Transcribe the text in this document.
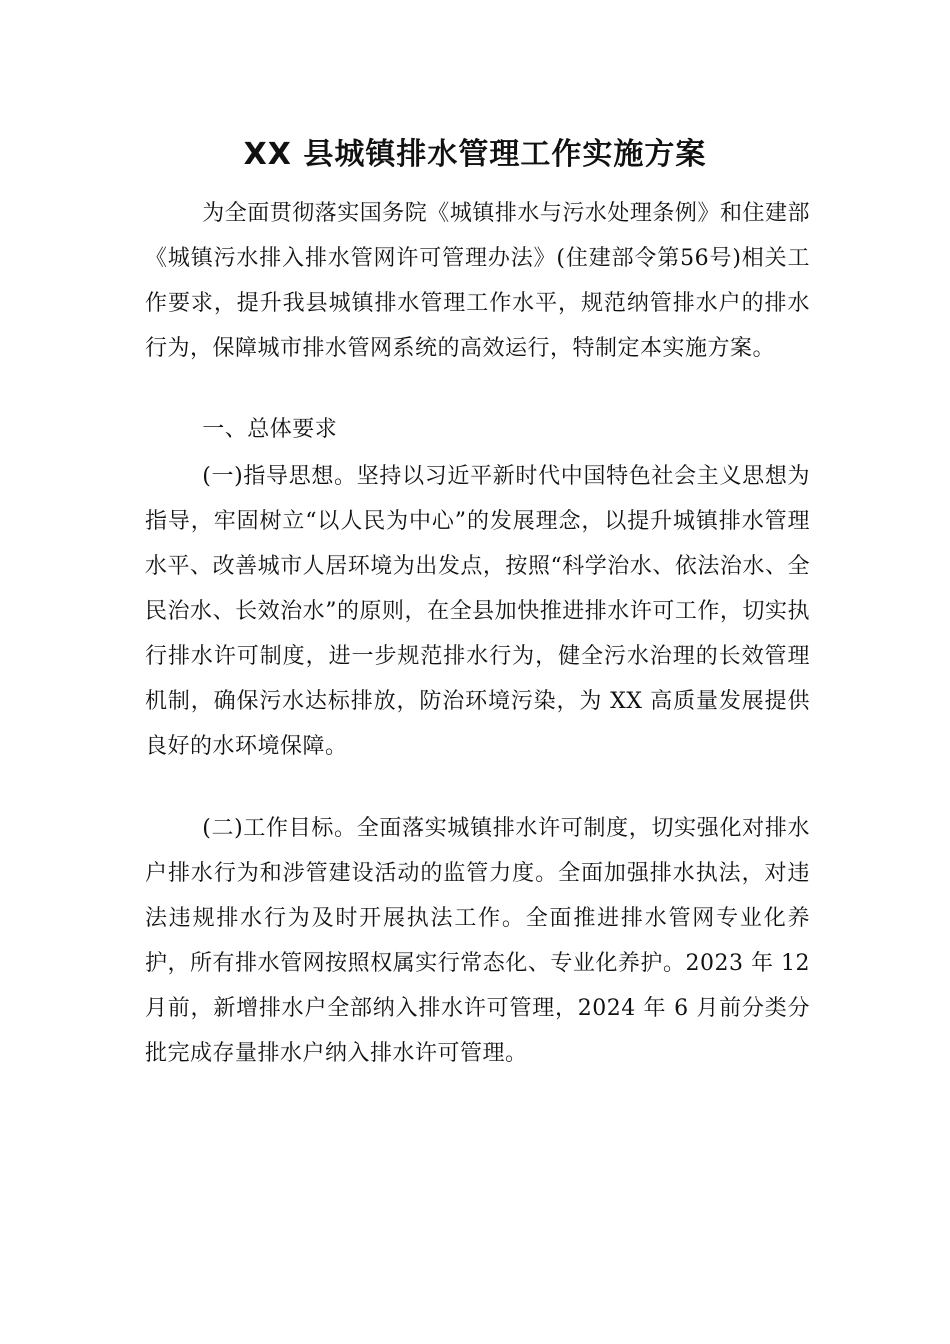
XX 县城镇排水管理工作实施方案

为全面贯彻落实国务院《城镇排水与污水处理条例》和住建部《城镇污水排入排水管网许可管理办法》(住建部令第56号)相关工作要求，提升我县城镇排水管理工作水平，规范纳管排水户的排水行为，保障城市排水管网系统的高效运行，特制定本实施方案。

一、总体要求

(一)指导思想。坚持以习近平新时代中国特色社会主义思想为指导，牢固树立“以人民为中心”的发展理念，以提升城镇排水管理水平、改善城市人居环境为出发点，按照“科学治水、依法治水、全民治水、长效治水”的原则，在全县加快推进排水许可工作，切实执行排水许可制度，进一步规范排水行为，健全污水治理的长效管理机制，确保污水达标排放，防治环境污染，为 XX 高质量发展提供良好的水环境保障。

(二)工作目标。全面落实城镇排水许可制度，切实强化对排水户排水行为和涉管建设活动的监管力度。全面加强排水执法，对违法违规排水行为及时开展执法工作。全面推进排水管网专业化养护，所有排水管网按照权属实行常态化、专业化养护。2023 年 12 月前，新增排水户全部纳入排水许可管理，2024 年 6 月前分类分批完成存量排水户纳入排水许可管理。
